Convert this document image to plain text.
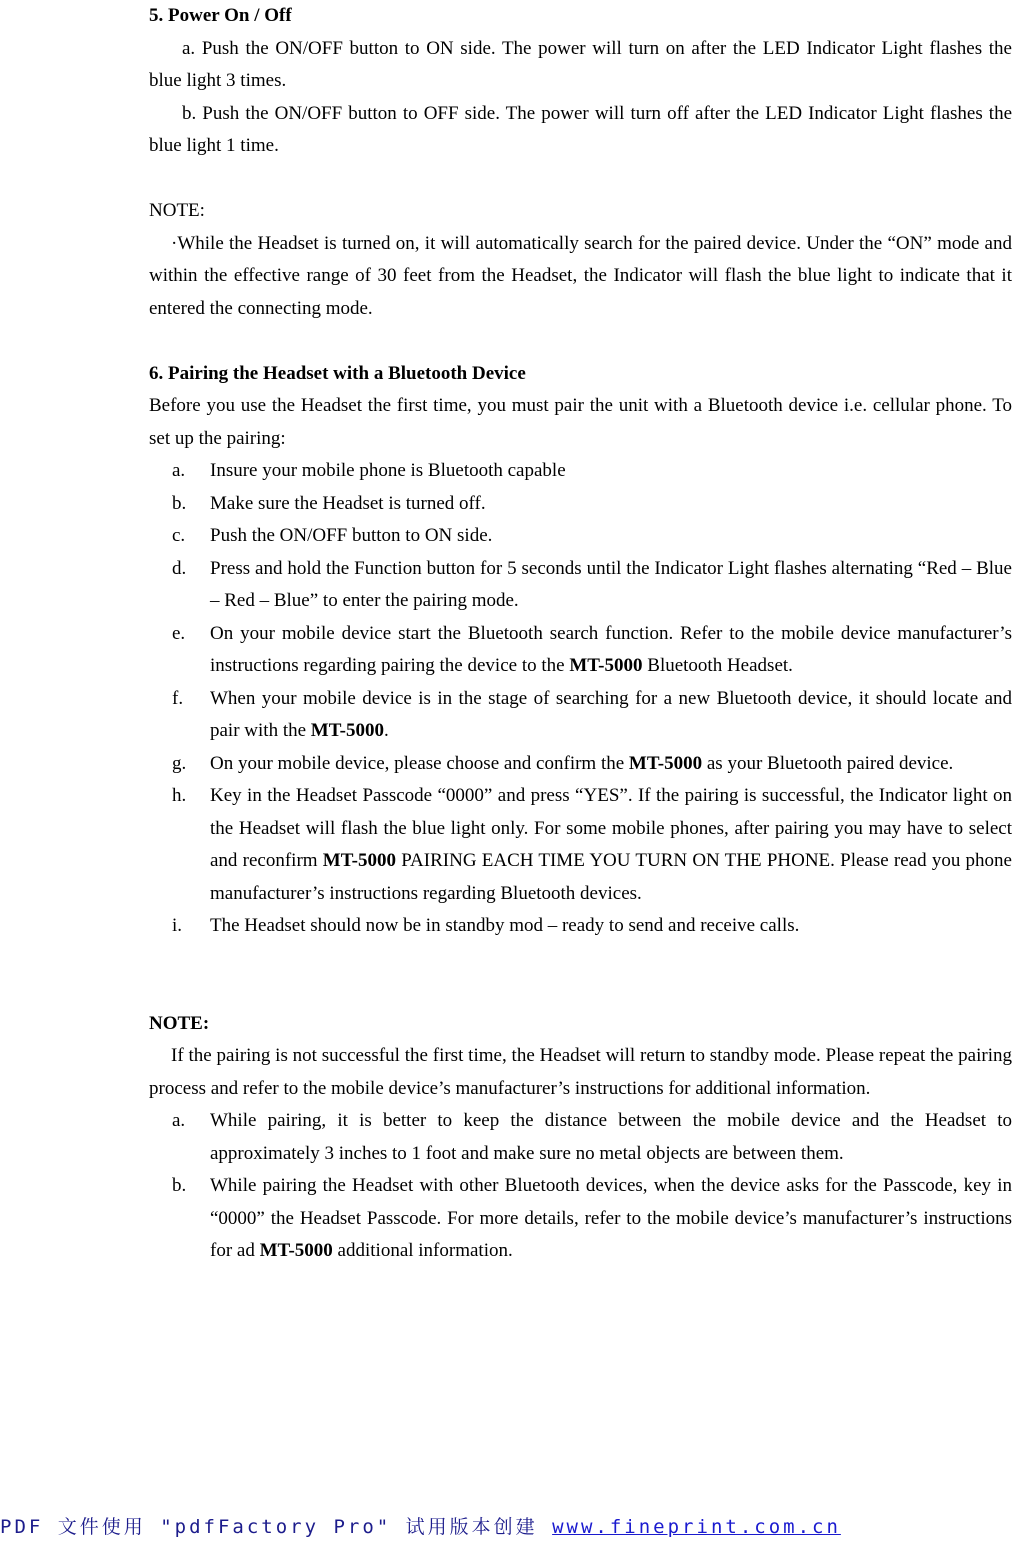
5. Power On / Off

a. Push the ON/OFF button to ON side. The power will turn on after the LED Indicator Light flashes the blue light 3 times.

b. Push the ON/OFF button to OFF side. The power will turn off after the LED Indicator Light flashes the blue light 1 time.

NOTE:

·While the Headset is turned on, it will automatically search for the paired device. Under the “ON” mode and within the effective range of 30 feet from the Headset, the Indicator will flash the blue light to indicate that it entered the connecting mode.

6. Pairing the Headset with a Bluetooth Device

Before you use the Headset the first time, you must pair the unit with a Bluetooth device i.e. cellular phone. To set up the pairing:

a. Insure your mobile phone is Bluetooth capable
b. Make sure the Headset is turned off.
c. Push the ON/OFF button to ON side.
d. Press and hold the Function button for 5 seconds until the Indicator Light flashes alternating “Red – Blue – Red – Blue” to enter the pairing mode.
e. On your mobile device start the Bluetooth search function. Refer to the mobile device manufacturer’s instructions regarding pairing the device to the MT-5000 Bluetooth Headset.
f. When your mobile device is in the stage of searching for a new Bluetooth device, it should locate and pair with the MT-5000.
g. On your mobile device, please choose and confirm the MT-5000 as your Bluetooth paired device.
h. Key in the Headset Passcode “0000” and press “YES”. If the pairing is successful, the Indicator light on the Headset will flash the blue light only. For some mobile phones, after pairing you may have to select and reconfirm MT-5000 PAIRING EACH TIME YOU TURN ON THE PHONE. Please read you phone manufacturer’s instructions regarding Bluetooth devices.
i. The Headset should now be in standby mod – ready to send and receive calls.
NOTE:

If the pairing is not successful the first time, the Headset will return to standby mode. Please repeat the pairing process and refer to the mobile device’s manufacturer’s instructions for additional information.

a. While pairing, it is better to keep the distance between the mobile device and the Headset to approximately 3 inches to 1 foot and make sure no metal objects are between them.
b. While pairing the Headset with other Bluetooth devices, when the device asks for the Passcode, key in “0000” the Headset Passcode. For more details, refer to the mobile device’s manufacturer’s instructions for ad MT-5000 additional information.
PDF 文件使用 "pdfFactory Pro" 试用版本创建 www.fineprint.com.cn
